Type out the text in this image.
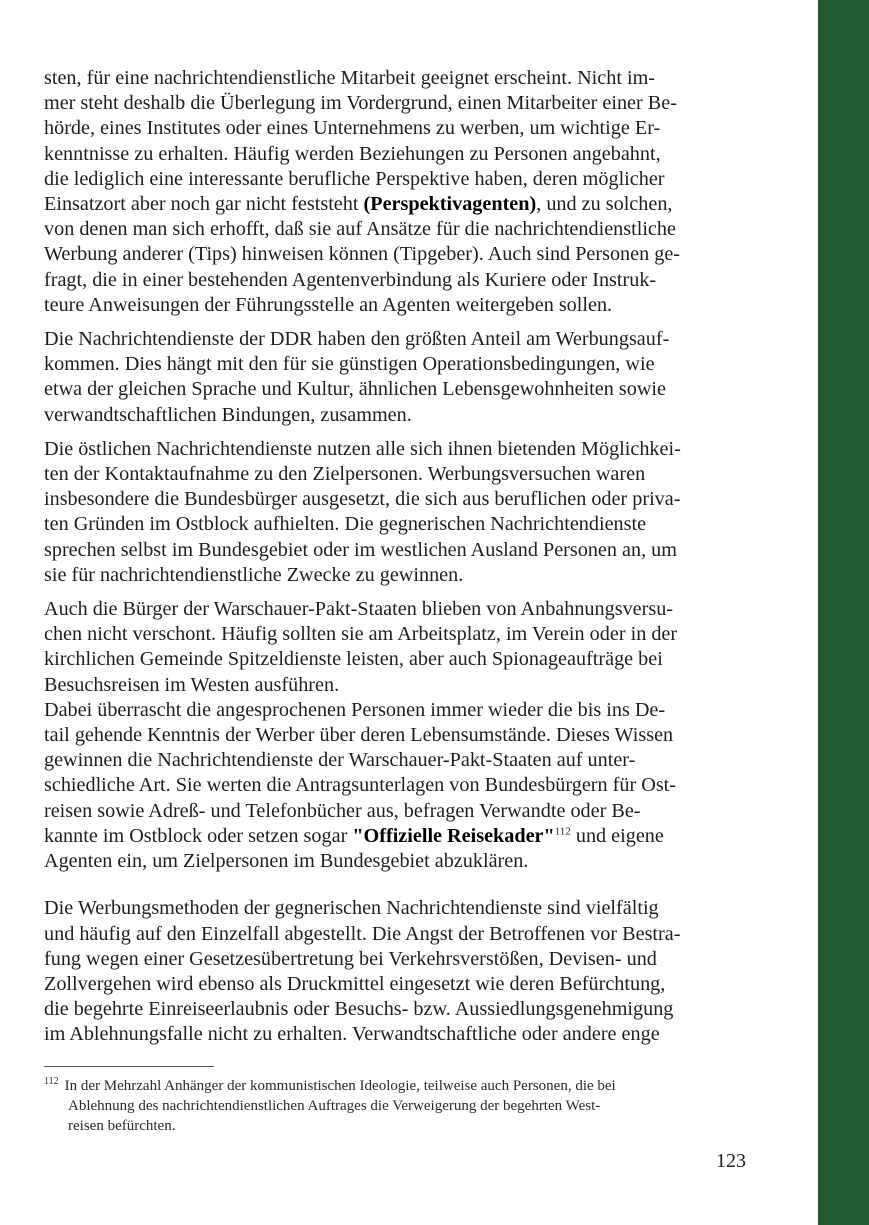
sten, für eine nachrichtendienstliche Mitarbeit geeignet erscheint. Nicht im-
mer steht deshalb die Überlegung im Vordergrund, einen Mitarbeiter einer Be-
hörde, eines Institutes oder eines Unternehmens zu werben, um wichtige Er-
kenntnisse zu erhalten. Häufig werden Beziehungen zu Personen angebahnt,
die lediglich eine interessante berufliche Perspektive haben, deren möglicher
Einsatzort aber noch gar nicht feststeht (Perspektivagenten), und zu solchen,
von denen man sich erhofft, daß sie auf Ansätze für die nachrichtendienstliche
Werbung anderer (Tips) hinweisen können (Tipgeber). Auch sind Personen ge-
fragt, die in einer bestehenden Agentenverbindung als Kuriere oder Instruk-
teure Anweisungen der Führungsstelle an Agenten weitergeben sollen.

Die Nachrichtendienste der DDR haben den größten Anteil am Werbungsauf-
kommen. Dies hängt mit den für sie günstigen Operationsbedingungen, wie
etwa der gleichen Sprache und Kultur, ähnlichen Lebensgewohnheiten sowie
verwandtschaftlichen Bindungen, zusammen.

Die östlichen Nachrichtendienste nutzen alle sich ihnen bietenden Möglichkei-
ten der Kontaktaufnahme zu den Zielpersonen. Werbungsversuchen waren
insbesondere die Bundesbürger ausgesetzt, die sich aus beruflichen oder priva-
ten Gründen im Ostblock aufhielten. Die gegnerischen Nachrichtendienste
sprechen selbst im Bundesgebiet oder im westlichen Ausland Personen an, um
sie für nachrichtendienstliche Zwecke zu gewinnen.

Auch die Bürger der Warschauer-Pakt-Staaten blieben von Anbahnungsversu-
chen nicht verschont. Häufig sollten sie am Arbeitsplatz, im Verein oder in der
kirchlichen Gemeinde Spitzeldienste leisten, aber auch Spionageaufträge bei
Besuchsreisen im Westen ausführen.

Dabei überrascht die angesprochenen Personen immer wieder die bis ins De-
tail gehende Kenntnis der Werber über deren Lebensumstände. Dieses Wissen
gewinnen die Nachrichtendienste der Warschauer-Pakt-Staaten auf unter-
schiedliche Art. Sie werten die Antragsunterlagen von Bundesbürgern für Ost-
reisen sowie Adreß- und Telefonbücher aus, befragen Verwandte oder Be-
kannte im Ostblock oder setzen sogar "Offizielle Reisekader"$^{112}$ und eigene
Agenten ein, um Zielpersonen im Bundesgebiet abzuklären.

Die Werbungsmethoden der gegnerischen Nachrichtendienste sind vielfältig
und häufig auf den Einzelfall abgestellt. Die Angst der Betroffenen vor Bestra-
fung wegen einer Gesetzesübertretung bei Verkehrsverstößen, Devisen- und
Zollvergehen wird ebenso als Druckmittel eingesetzt wie deren Befürchtung,
die begehrte Einreiseerlaubnis oder Besuchs- bzw. Aussiedlungsgenehmigung
im Ablehnungsfalle nicht zu erhalten. Verwandtschaftliche oder andere enge

$^{112}$ In der Mehrzahl Anhänger der kommunistischen Ideologie, teilweise auch Personen, die bei
Ablehnung des nachrichtendienstlichen Auftrages die Verweigerung der begehrten West-
reisen befürchten.
123
